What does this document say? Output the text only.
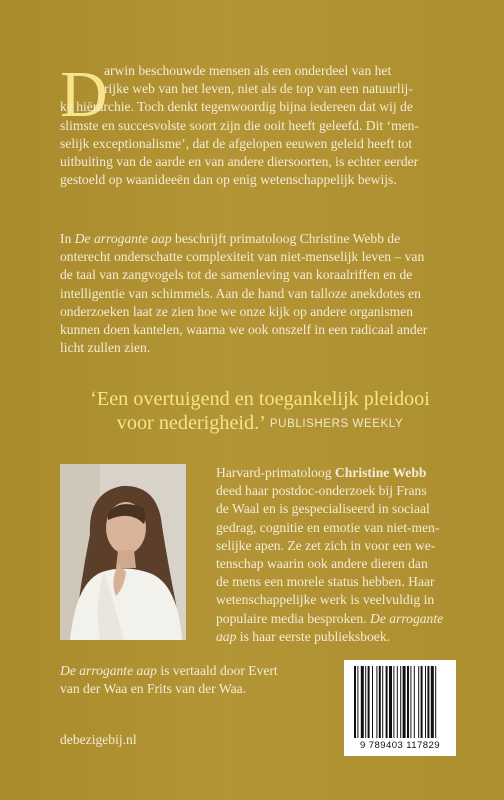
D
arwin beschouwde mensen als een onderdeel van het
rijke web van het leven, niet als de top van een natuurlij-
ke hiërarchie. Toch denkt tegenwoordig bijna iedereen dat wij de
slimste en succesvolste soort zijn die ooit heeft geleefd. Dit ‘men-
selijk exceptionalisme’, dat de afgelopen eeuwen geleid heeft tot
uitbuiting van de aarde en van andere diersoorten, is echter eerder
gestoeld op waanideeën dan op enig wetenschappelijk bewijs.
In De arrogante aap beschrijft primatoloog Christine Webb de
onterecht onderschatte complexiteit van niet-menselijk leven – van
de taal van zangvogels tot de samenleving van koraalriffen en de
intelligentie van schimmels. Aan de hand van talloze anekdotes en
onderzoeken laat ze zien hoe we onze kijk op andere organismen
kunnen doen kantelen, waarna we ook onszelf in een radicaal ander
licht zullen zien.
‘Een overtuigend en toegankelijk pleidooi
voor nederigheid.’ PUBLISHERS WEEKLY
Harvard-primatoloog Christine Webb
deed haar postdoc-onderzoek bij Frans
de Waal en is gespecialiseerd in sociaal
gedrag, cognitie en emotie van niet-men-
selijke apen. Ze zet zich in voor een we-
tenschap waarin ook andere dieren dan
de mens een morele status hebben. Haar
wetenschappelijke werk is veelvuldig in
populaire media besproken. De arrogante
aap is haar eerste publieksboek.
De arrogante aap is vertaald door Evert
van der Waa en Frits van der Waa.
debezigebij.nl	9 789403 117829
